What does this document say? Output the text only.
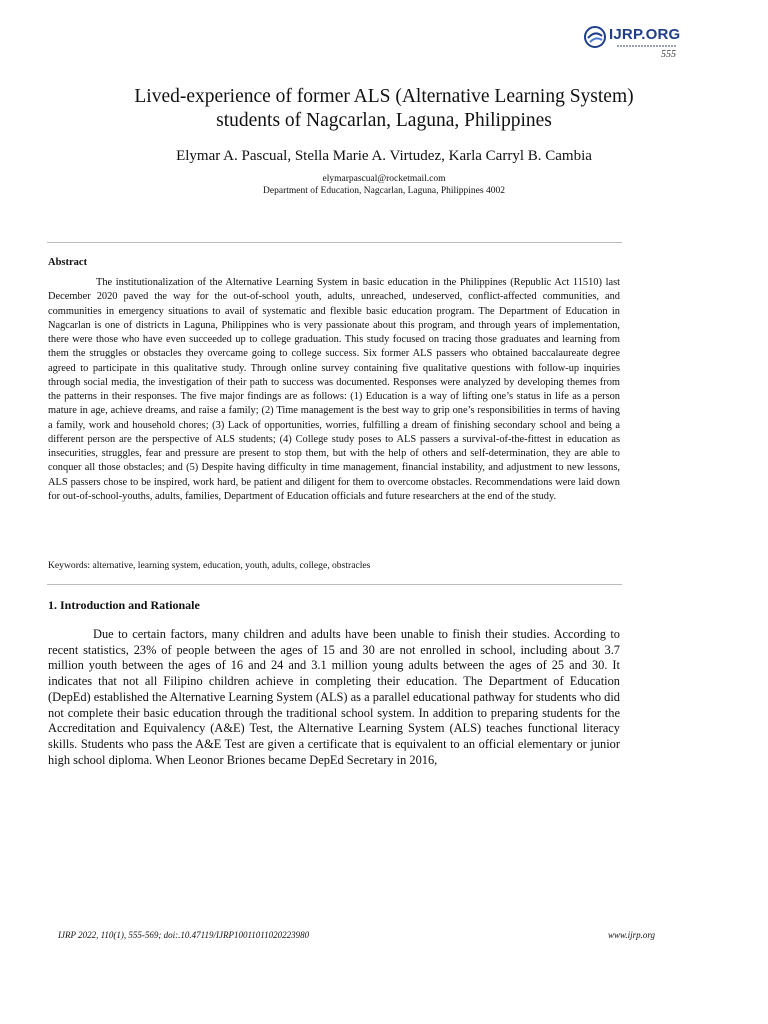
IJRP.ORG
555
Lived-experience of former ALS (Alternative Learning System)
students of Nagcarlan, Laguna, Philippines
Elymar A. Pascual, Stella Marie A. Virtudez, Karla Carryl B. Cambia
elymarpascual@rocketmail.com
Department of Education, Nagcarlan, Laguna, Philippines 4002
Abstract

The institutionalization of the Alternative Learning System in basic education in the Philippines (Republic Act 11510) last December 2020 paved the way for the out-of-school youth, adults, unreached, undeserved, conflict-affected communities, and communities in emergency situations to avail of systematic and flexible basic education program. The Department of Education in Nagcarlan is one of districts in Laguna, Philippines who is very passionate about this program, and through years of implementation, there were those who have even succeeded up to college graduation. This study focused on tracing those graduates and learning from them the struggles or obstacles they overcame going to college success. Six former ALS passers who obtained baccalaureate degree agreed to participate in this qualitative study. Through online survey containing five qualitative questions with follow-up inquiries through social media, the investigation of their path to success was documented. Responses were analyzed by developing themes from the patterns in their responses. The five major findings are as follows: (1) Education is a way of lifting one’s status in life as a person mature in age, achieve dreams, and raise a family; (2) Time management is the best way to grip one’s responsibilities in terms of having a family, work and household chores; (3) Lack of opportunities, worries, fulfilling a dream of finishing secondary school and being a different person are the perspective of ALS students; (4) College study poses to ALS passers a survival-of-the-fittest in education as insecurities, struggles, fear and pressure are present to stop them, but with the help of others and self-determination, they are able to conquer all those obstacles; and (5) Despite having difficulty in time management, financial instability, and adjustment to new lessons, ALS passers chose to be inspired, work hard, be patient and diligent for them to overcome obstacles. Recommendations were laid down for out-of-school-youths, adults, families, Department of Education officials and future researchers at the end of the study.

Keywords: alternative, learning system, education, youth, adults, college, obstracles
1. Introduction and Rationale

Due to certain factors, many children and adults have been unable to finish their studies. According to recent statistics, 23% of people between the ages of 15 and 30 are not enrolled in school, including about 3.7 million youth between the ages of 16 and 24 and 3.1 million young adults between the ages of 25 and 30. It indicates that not all Filipino children achieve in completing their education. The Department of Education (DepEd) established the Alternative Learning System (ALS) as a parallel educational pathway for students who did not complete their basic education through the traditional school system. In addition to preparing students for the Accreditation and Equivalency (A&E) Test, the Alternative Learning System (ALS) teaches functional literacy skills. Students who pass the A&E Test are given a certificate that is equivalent to an official elementary or junior high school diploma. When Leonor Briones became DepEd Secretary in 2016,

IJRP 2022, 110(1), 555-569; doi:.10.47119/IJRP1001101102022398​0	www.ijrp.org
